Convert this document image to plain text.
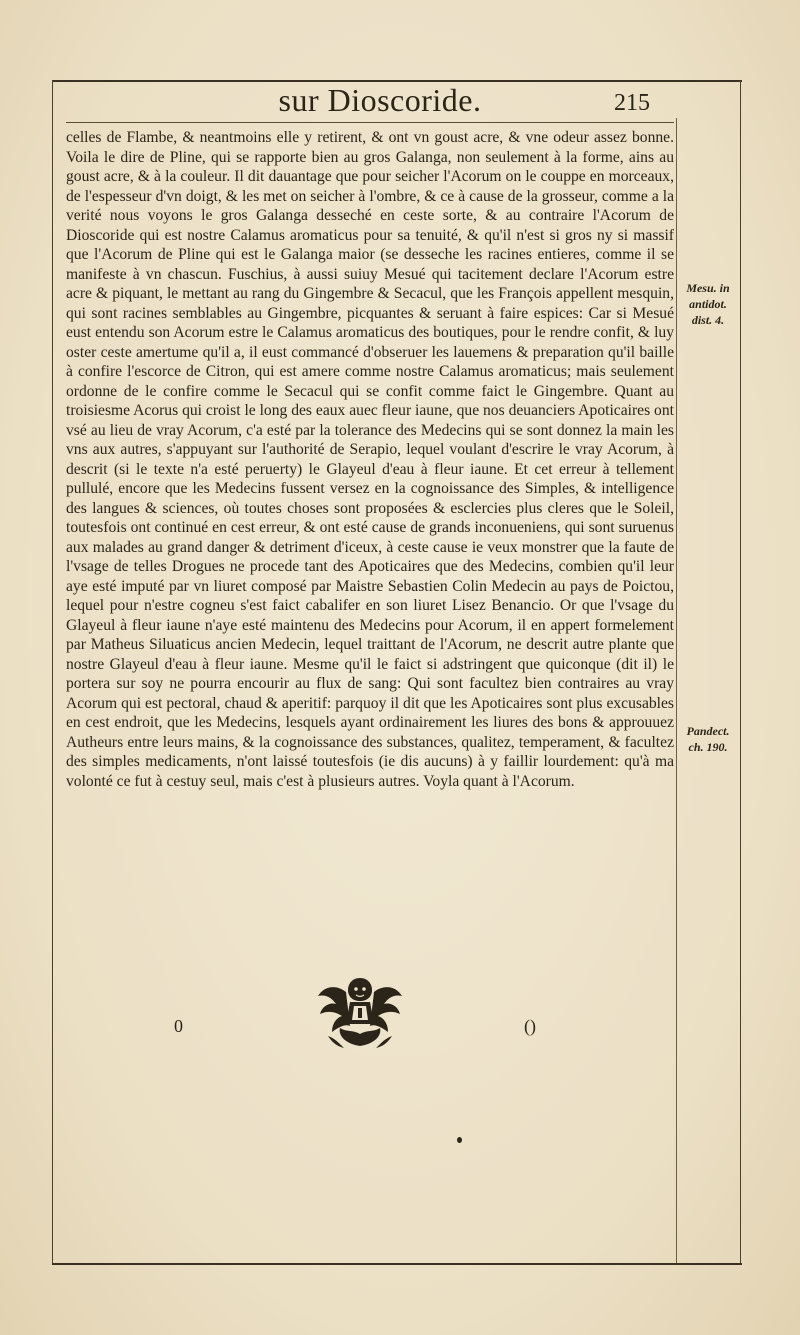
sur Dioscoride.	215

celles de Flambe, & neantmoins elle y retirent, & ont vn goust acre, & vne odeur assez bonne. Voila le dire de Pline, qui se rapporte bien au gros Galanga, non seulement à la forme, ains au goust acre, & à la couleur. Il dit dauantage que pour seicher l'Acorum on le couppe en morceaux, de l'espesseur d'vn doigt, & les met on seicher à l'ombre, & ce à cause de la grosseur, comme a la verité nous voyons le gros Galanga desseché en ceste sorte, & au contraire l'Acorum de Dioscoride qui est nostre Calamus aromaticus pour sa tenuité, & qu'il n'est si gros ny si massif que l'Acorum de Pline qui est le Galanga maior (se desseche les racines entieres, comme il se manifeste à vn chascun. Fuschius, à aussi suiuy Mesué qui tacitement declare l'Acorum estre acre & piquant, le mettant au rang du Gingembre & Secacul, que les François appellent mesquin, qui sont racines semblables au Gingembre, picquantes & seruant à faire espices: Car si Mesué eust entendu son Acorum estre le Calamus aromaticus des boutiques, pour le rendre confit, & luy oster ceste amertume qu'il a, il eust commancé d'obseruer les lauemens & preparation qu'il baille à confire l'escorce de Citron, qui est amere comme nostre Calamus aromaticus; mais seulement ordonne de le confire comme le Secacul qui se confit comme faict le Gingembre. Quant au troisiesme Acorus qui croist le long des eaux auec fleur iaune, que nos deuanciers Apoticaires ont vsé au lieu de vray Acorum, c'a esté par la tolerance des Medecins qui se sont donnez la main les vns aux autres, s'appuyant sur l'authorité de Serapio, lequel voulant d'escrire le vray Acorum, à descrit (si le texte n'a esté peruerty) le Glayeul d'eau à fleur iaune. Et cet erreur à tellement pullulé, encore que les Medecins fussent versez en la cognoissance des Simples, & intelligence des langues & sciences, où toutes choses sont proposées & esclercies plus cleres que le Soleil, toutesfois ont continué en cest erreur, & ont esté cause de grands inconueniens, qui sont suruenus aux malades au grand danger & detriment d'iceux, à ceste cause ie veux monstrer que la faute de l'vsage de telles Drogues ne procede tant des Apoticaires que des Medecins, combien qu'il leur aye esté imputé par vn liuret composé par Maistre Sebastien Colin Medecin au pays de Poictou, lequel pour n'estre cogneu s'est faict cabalifer en son liuret Lisez Benancio. Or que l'vsage du Glayeul à fleur iaune n'aye esté maintenu des Medecins pour Acorum, il en appert formelement par Matheus Siluaticus ancien Medecin, lequel traittant de l'Acorum, ne descrit autre plante que nostre Glayeul d'eau à fleur iaune. Mesme qu'il le faict si adstringent que quiconque (dit il) le portera sur soy ne pourra encourir au flux de sang: Qui sont facultez bien contraires au vray Acorum qui est pectoral, chaud & aperitif: parquoy il dit que les Apoticaires sont plus excusables en cest endroit, que les Medecins, lesquels ayant ordinairement les liures des bons & approuuez Autheurs entre leurs mains, & la cognoissance des substances, qualitez, temperament, & facultez des simples medicaments, n'ont laissé toutesfois (ie dis aucuns) à y faillir lourdement: qu'à ma volonté ce fut à cestuy seul, mais c'est à plusieurs autres. Voyla quant à l'Acorum.

Mesu. in antidot. dist. 4.
Pandect. ch. 190.
0	()
